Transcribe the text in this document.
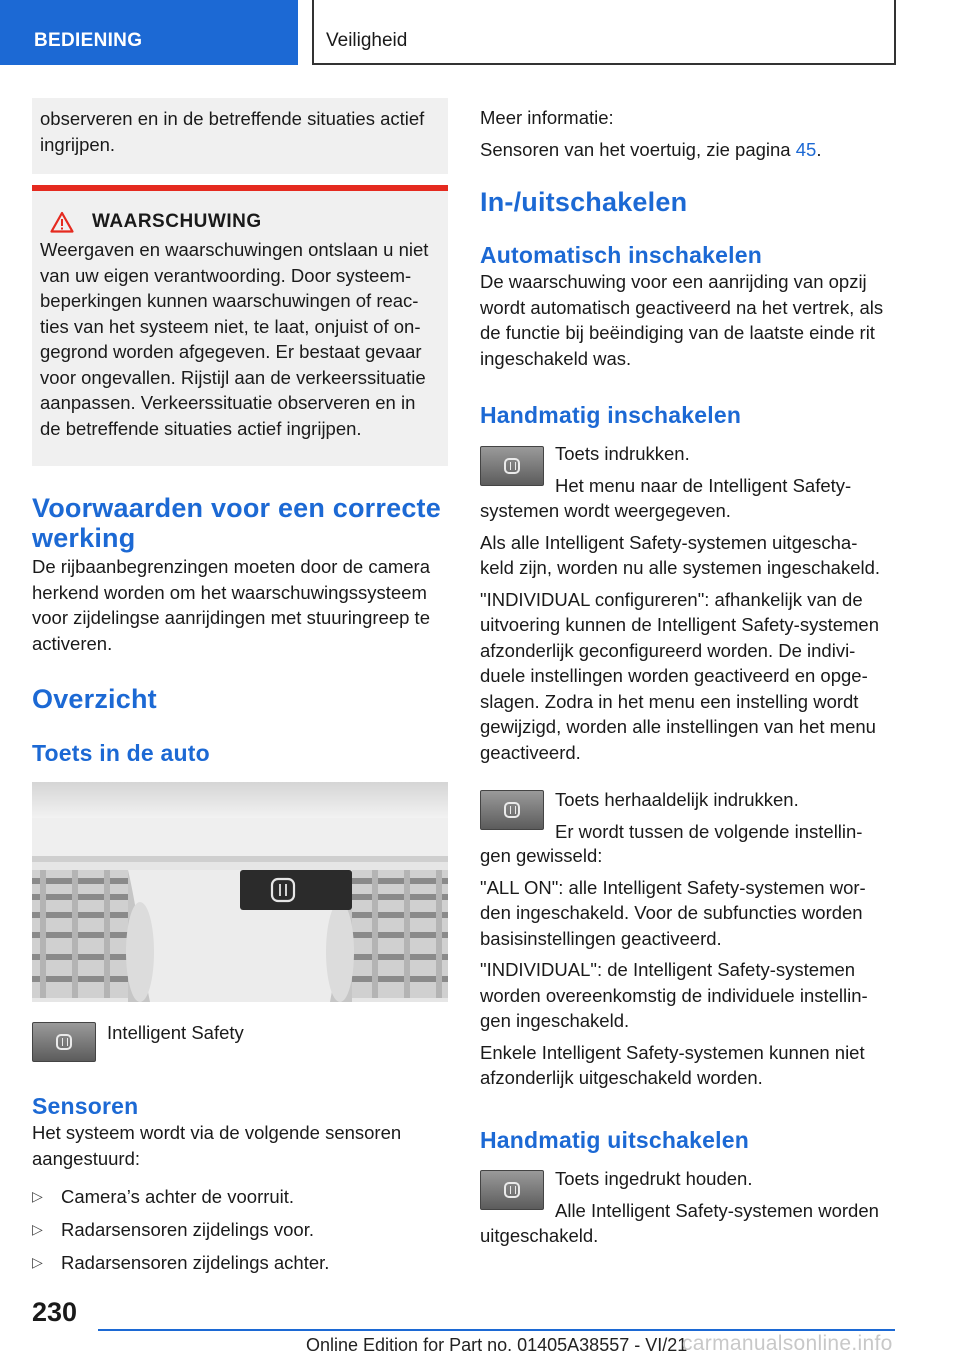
BEDIENING	Veiligheid

observeren en in de betreffende situaties actief

ingrijpen.

WAARSCHUWING

Weergaven en waarschuwingen ontslaan u niet

van uw eigen verantwoording. Door systeem-

beperkingen kunnen waarschuwingen of reac-

ties van het systeem niet, te laat, onjuist of on-

gegrond worden afgegeven. Er bestaat gevaar

voor ongevallen. Rijstijl aan de verkeerssituatie

aanpassen. Verkeerssituatie observeren en in

de betreffende situaties actief ingrijpen.

Voorwaarden voor een correcte
werking

De rijbaanbegrenzingen moeten door de camera

herkend worden om het waarschuwingssysteem

voor zijdelingse aanrijdingen met stuuringreep te

activeren.

Overzicht
Toets in de auto

Intelligent Safety

Sensoren

Het systeem wordt via de volgende sensoren

aangestuurd:

▷ Camera’s achter de voorruit.
▷ Radarsensoren zijdelings voor.
▷ Radarsensoren zijdelings achter.

Meer informatie:

Sensoren van het voertuig, zie pagina 45.

In-/uitschakelen
Automatisch inschakelen

De waarschuwing voor een aanrijding van opzij

wordt automatisch geactiveerd na het vertrek, als

de functie bij beëindiging van de laatste einde rit

ingeschakeld was.

Handmatig inschakelen

Toets indrukken.

Het menu naar de Intelligent Safety-

systemen wordt weergegeven.

Als alle Intelligent Safety-systemen uitgescha-

keld zijn, worden nu alle systemen ingeschakeld.

"INDIVIDUAL configureren": afhankelijk van de

uitvoering kunnen de Intelligent Safety-systemen

afzonderlijk geconfigureerd worden. De indivi-

duele instellingen worden geactiveerd en opge-

slagen. Zodra in het menu een instelling wordt

gewijzigd, worden alle instellingen van het menu

geactiveerd.

Toets herhaaldelijk indrukken.

Er wordt tussen de volgende instellin-

gen gewisseld:

"ALL ON": alle Intelligent Safety-systemen wor-

den ingeschakeld. Voor de subfuncties worden

basisinstellingen geactiveerd.

"INDIVIDUAL": de Intelligent Safety-systemen

worden overeenkomstig de individuele instellin-

gen ingeschakeld.

Enkele Intelligent Safety-systemen kunnen niet

afzonderlijk uitgeschakeld worden.

Handmatig uitschakelen

Toets ingedrukt houden.

Alle Intelligent Safety-systemen worden

uitgeschakeld.

230
Online Edition for Part no. 01405A38557 - VI/21
carmanualsonline.info
